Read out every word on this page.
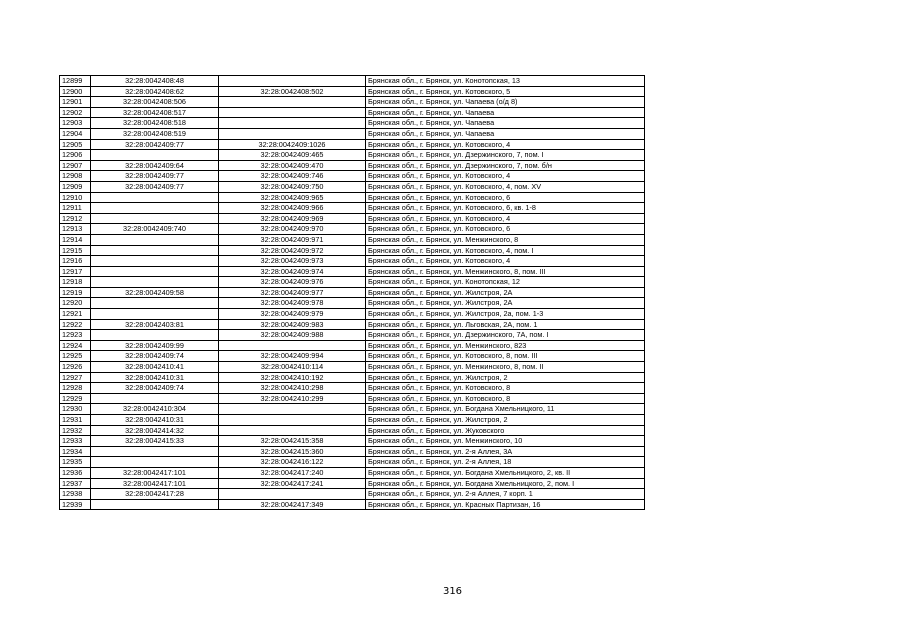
12899	32:28:0042408:48		Брянская обл., г. Брянск, ул. Конотопская, 13
12900	32:28:0042408:62	32:28:0042408:502	Брянская обл., г. Брянск, ул. Котовского, 5
12901	32:28:0042408:506		Брянская обл., г. Брянск, ул. Чапаева (о/д 8)
12902	32:28:0042408:517		Брянская обл., г. Брянск, ул. Чапаева
12903	32:28:0042408:518		Брянская обл., г. Брянск, ул. Чапаева
12904	32:28:0042408:519		Брянская обл., г. Брянск, ул. Чапаева
12905	32:28:0042409:77	32:28:0042409:1026	Брянская обл., г. Брянск, ул. Котовского, 4
12906		32:28:0042409:465	Брянская обл., г. Брянск, ул. Дзержинского, 7, пом. I
12907	32:28:0042409:64	32:28:0042409:470	Брянская обл., г. Брянск, ул. Дзержинского, 7, пом. б/н
12908	32:28:0042409:77	32:28:0042409:746	Брянская обл., г. Брянск, ул. Котовского, 4
12909	32:28:0042409:77	32:28:0042409:750	Брянская обл., г. Брянск, ул. Котовского, 4, пом. XV
12910		32:28:0042409:965	Брянская обл., г. Брянск, ул. Котовского, 6
12911		32:28:0042409:966	Брянская обл., г. Брянск, ул. Котовского, 6, кв. 1-8
12912		32:28:0042409:969	Брянская обл., г. Брянск, ул. Котовского, 4
12913	32:28:0042409:740	32:28:0042409:970	Брянская обл., г. Брянск, ул. Котовского, 6
12914		32:28:0042409:971	Брянская обл., г. Брянск, ул. Менжинского, 8
12915		32:28:0042409:972	Брянская обл., г. Брянск, ул. Котовского, 4, пом. I
12916		32:28:0042409:973	Брянская обл., г. Брянск, ул. Котовского, 4
12917		32:28:0042409:974	Брянская обл., г. Брянск, ул. Менжинского, 8, пом. III
12918		32:28:0042409:976	Брянская обл., г. Брянск, ул. Конотопская, 12
12919	32:28:0042409:58	32:28:0042409:977	Брянская обл., г. Брянск, ул. Жилстроя, 2А
12920		32:28:0042409:978	Брянская обл., г. Брянск, ул. Жилстроя, 2А
12921		32:28:0042409:979	Брянская обл., г. Брянск, ул. Жилстроя, 2а, пом. 1-3
12922	32:28:0042403:81	32:28:0042409:983	Брянская обл., г. Брянск, ул. Льговская, 2А, пом. 1
12923		32:28:0042409:988	Брянская обл., г. Брянск, ул. Дзержинского, 7А, пом. I
12924	32:28:0042409:99		Брянская обл., г. Брянск, ул. Менжинского, 823
12925	32:28:0042409:74	32:28:0042409:994	Брянская обл., г. Брянск, ул. Котовского, 8, пом. III
12926	32:28:0042410:41	32:28:0042410:114	Брянская обл., г. Брянск, ул. Менжинского, 8, пом. II
12927	32:28:0042410:31	32:28:0042410:192	Брянская обл., г. Брянск, ул. Жилстроя, 2
12928	32:28:0042409:74	32:28:0042410:298	Брянская обл., г. Брянск, ул. Котовского, 8
12929		32:28:0042410:299	Брянская обл., г. Брянск, ул. Котовского, 8
12930	32:28:0042410:304		Брянская обл., г. Брянск, ул. Богдана Хмельницкого, 11
12931	32:28:0042410:31		Брянская обл., г. Брянск, ул. Жилстроя, 2
12932	32:28:0042414:32		Брянская обл., г. Брянск, ул. Жуковского
12933	32:28:0042415:33	32:28:0042415:358	Брянская обл., г. Брянск, ул. Менжинского, 10
12934		32:28:0042415:360	Брянская обл., г. Брянск, ул. 2-я Аллея, 3А
12935		32:28:0042416:122	Брянская обл., г. Брянск, ул. 2-я Аллея, 18
12936	32:28:0042417:101	32:28:0042417:240	Брянская обл., г. Брянск, ул. Богдана Хмельницкого, 2, кв. II
12937	32:28:0042417:101	32:28:0042417:241	Брянская обл., г. Брянск, ул. Богдана Хмельницкого, 2, пом. I
12938	32:28:0042417:28		Брянская обл., г. Брянск, ул. 2-я Аллея, 7 корп. 1
12939		32:28:0042417:349	Брянская обл., г. Брянск, ул. Красных Партизан, 16
316
